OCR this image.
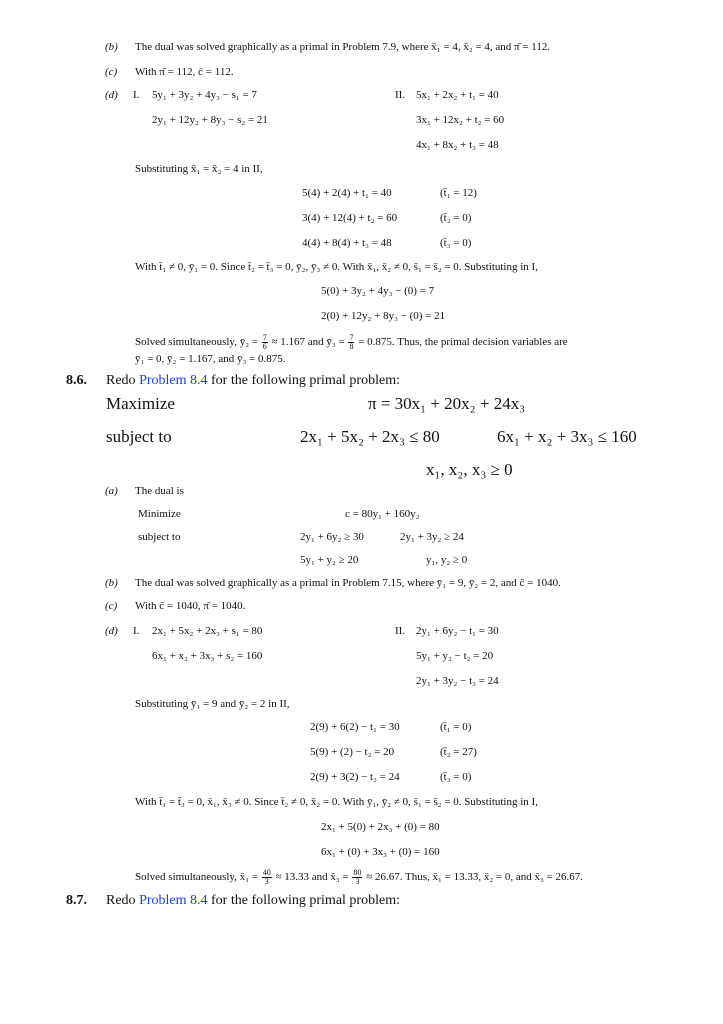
(b) The dual was solved graphically as a primal in Problem 7.9, where x̄₁ = 4, x̄₂ = 4, and π̄ = 112.
(c) With π̄ = 112, c̄ = 112.
(d) I. 5y₁ + 3y₂ + 4y₃ − s₁ = 7
2y₁ + 12y₂ + 8y₃ − s₂ = 21
II. 5x₁ + 2x₂ + t₁ = 40
3x₁ + 12x₂ + t₂ = 60
4x₁ + 8x₂ + t₃ = 48
Substituting x̄₁ = x̄₂ = 4 in II,
5(4) + 2(4) + t₁ = 40	(t̄₁ = 12)
3(4) + 12(4) + t₂ = 60	(t̄₂ = 0)
4(4) + 8(4) + t₃ = 48	(t̄₃ = 0)
With t̄₁ ≠ 0, ȳ₁ = 0. Since t̄₂ = t̄₃ = 0, ȳ₂, ȳ₃ ≠ 0. With x̄₁, x̄₂ ≠ 0, s̄₁ = s̄₂ = 0. Substituting in I,
5(0) + 3y₂ + 4y₃ − (0) = 7
2(0) + 12y₂ + 8y₃ − (0) = 21
Solved simultaneously, ȳ₂ = $\frac{7}{6} \approx 1.167$ and ȳ₃ = $\frac{7}{8} = 0.875$. Thus, the primal decision variables are
ȳ₁ = 0, ȳ₂ = 1.167, and ȳ₃ = 0.875.
8.6. Redo Problem 8.4 for the following primal problem:
Maximize	π = 30x₁ + 20x₂ + 24x₃
subject to	2x₁ + 5x₂ + 2x₃ ≤ 80	6x₁ + x₂ + 3x₃ ≤ 160
x₁, x₂, x₃ ≥ 0
(a) The dual is
Minimize	c = 80y₁ + 160y₂
subject to	2y₁ + 6y₂ ≥ 30	2y₁ + 3y₂ ≥ 24
5y₁ + y₂ ≥ 20	y₁, y₂ ≥ 0
(b) The dual was solved graphically as a primal in Problem 7.15, where ȳ₁ = 9, ȳ₂ = 2, and c̄ = 1040.
(c) With c̄ = 1040, π̄ = 1040.
(d) I. 2x₁ + 5x₂ + 2x₃ + s₁ = 80
6x₁ + x₂ + 3x₃ + s₂ = 160
II. 2y₁ + 6y₂ − t₁ = 30
5y₁ + y₂ − t₂ = 20
2y₁ + 3y₂ − t₃ = 24
Substituting ȳ₁ = 9 and ȳ₂ = 2 in II,
2(9) + 6(2) − t₁ = 30	(t̄₁ = 0)
5(9) + (2) − t₂ = 20	(t̄₂ = 27)
2(9) + 3(2) − t₃ = 24	(t̄₃ = 0)
With t̄₁ = t̄₃ = 0, x̄₁, x̄₃ ≠ 0. Since t̄₂ ≠ 0, x̄₂ = 0. With ȳ₁, ȳ₂ ≠ 0, s̄₁ = s̄₂ = 0. Substituting in I,
2x₁ + 5(0) + 2x₃ + (0) = 80
6x₁ + (0) + 3x₃ + (0) = 160
Solved simultaneously, x̄₁ = $\frac{40}{3} \approx 13.33$ and x̄₃ = $\frac{80}{3} \approx 26.67$. Thus, x̄₁ = 13.33, x̄₂ = 0, and x̄₃ = 26.67.
8.7. Redo Problem 8.4 for the following primal problem:
